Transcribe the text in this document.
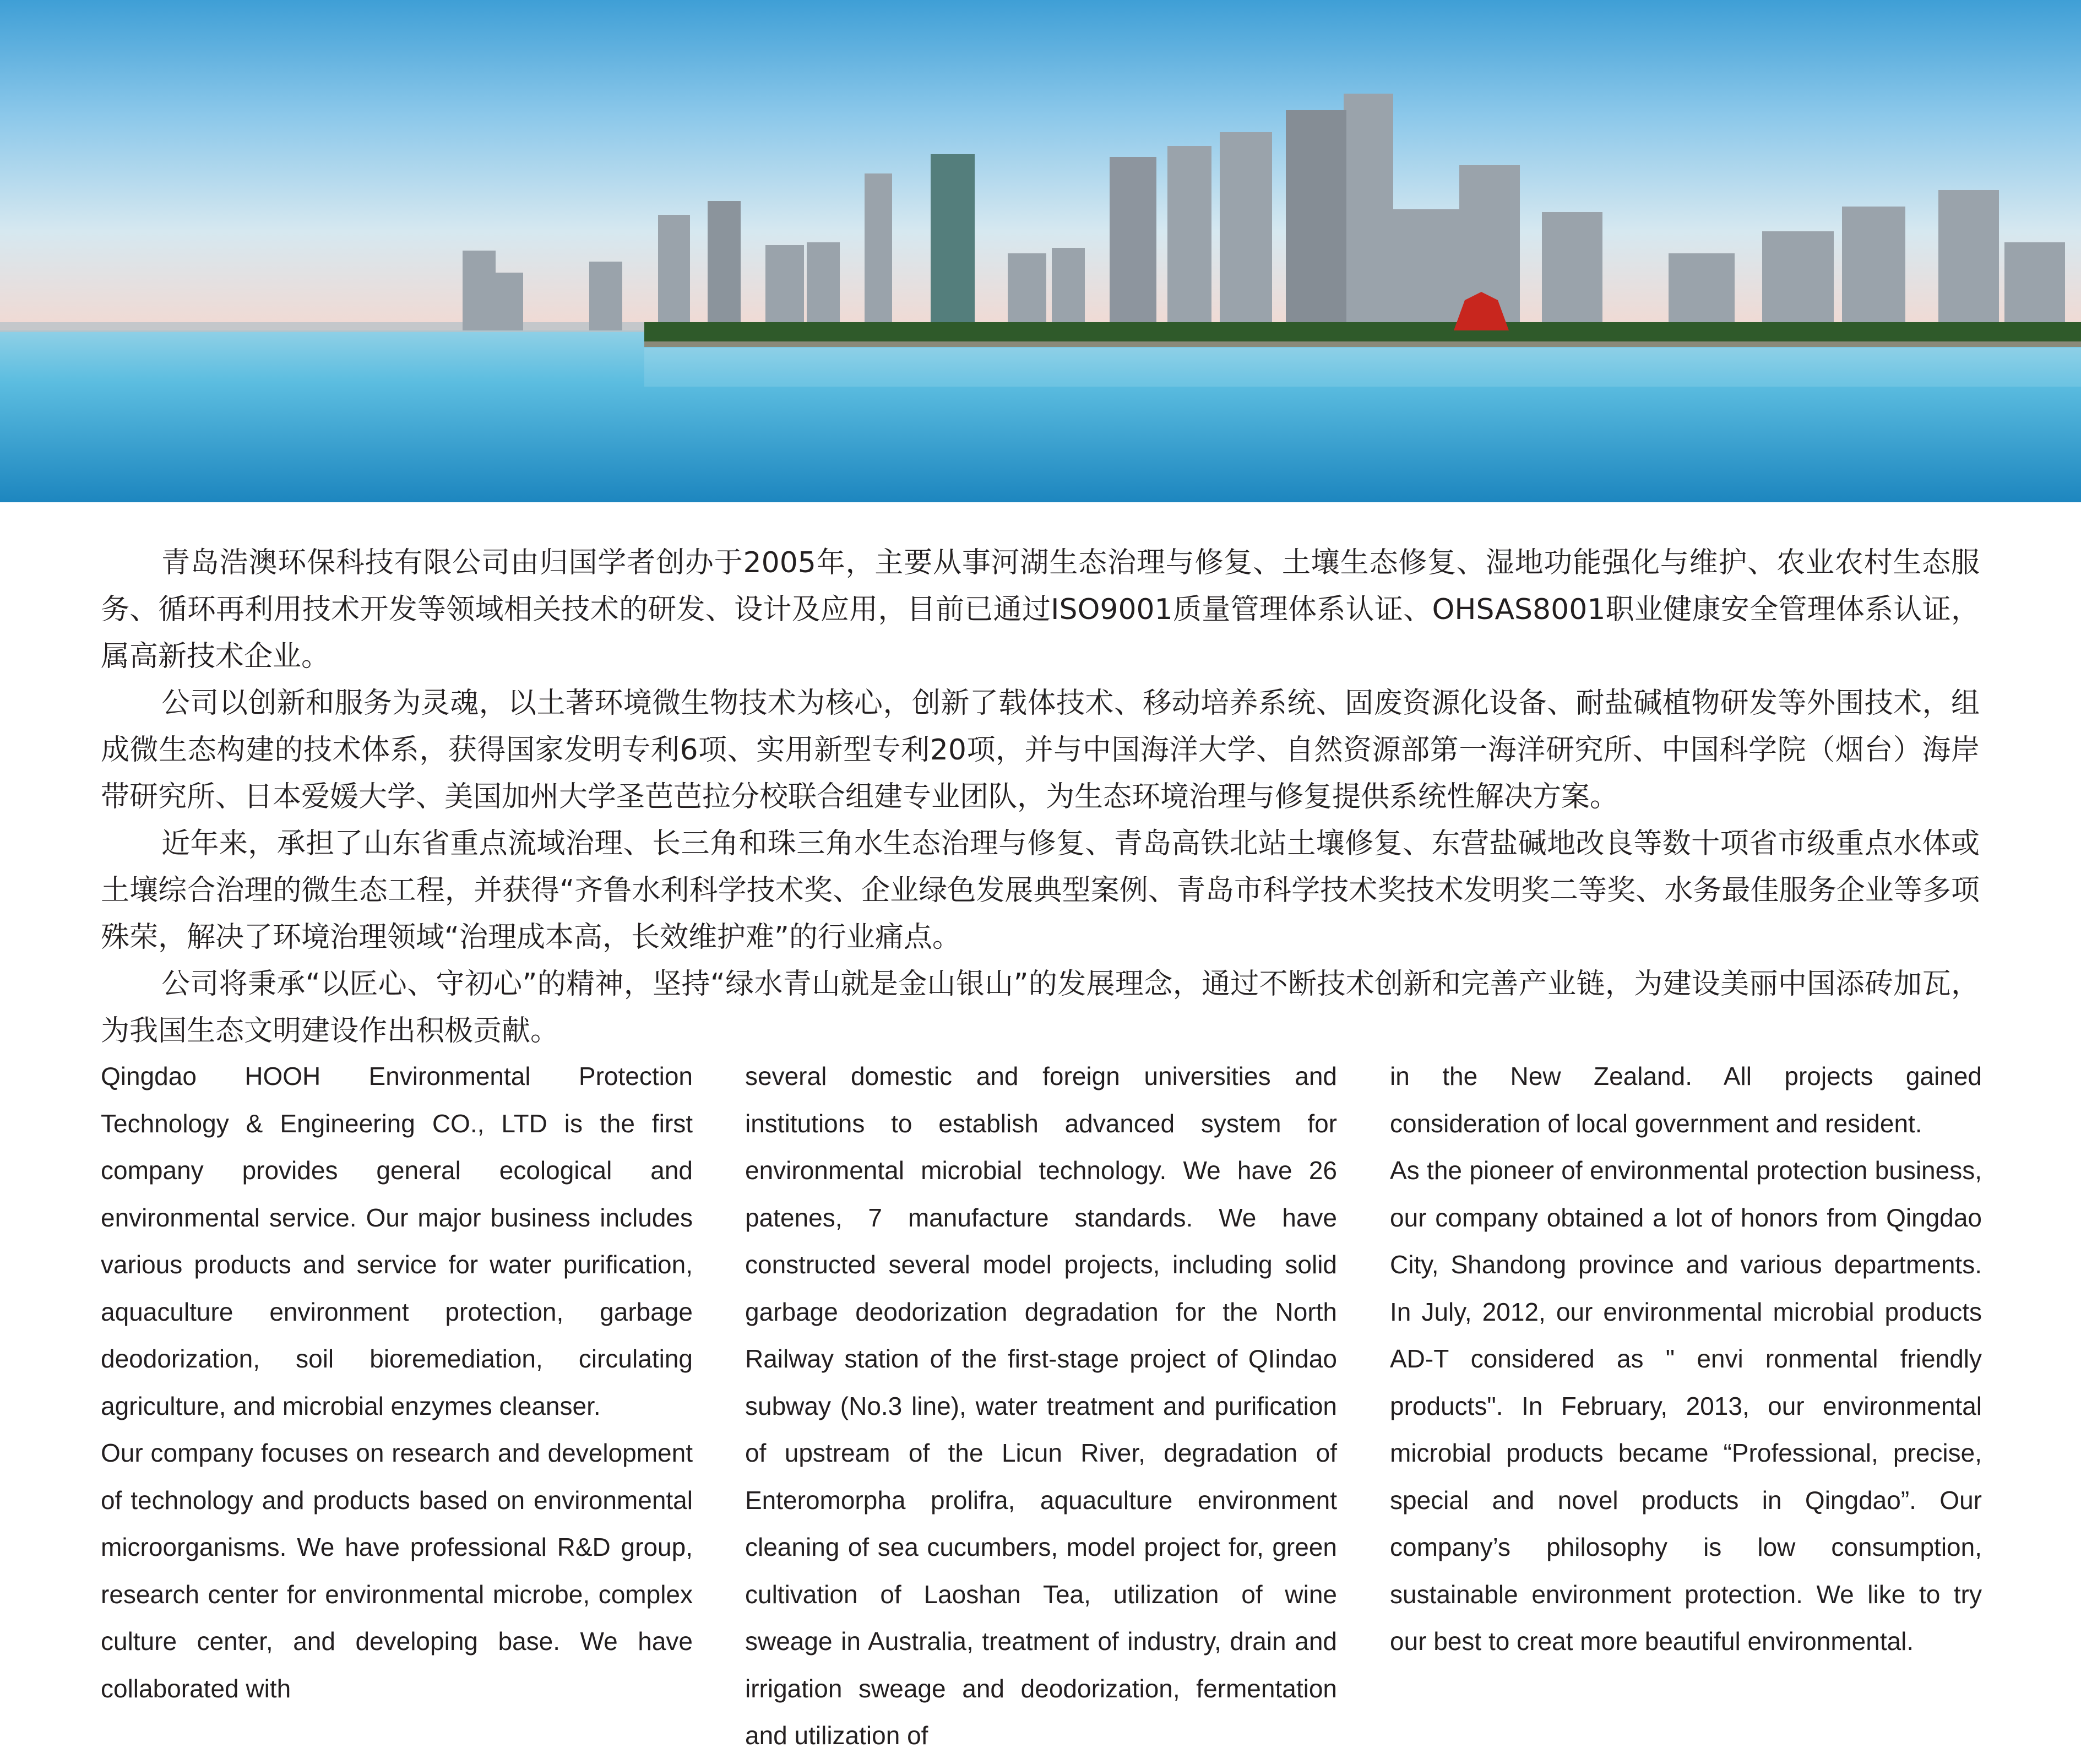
青岛浩澳环保科技有限公司由归国学者创办于2005年，主要从事河湖生态治理与修复、土壤生态修复、湿地功能强化与维护、农业农村生态服务、循环再利用技术开发等领域相关技术的研发、设计及应用，目前已通过ISO9001质量管理体系认证、OHSAS8001职业健康安全管理体系认证，属高新技术企业。

公司以创新和服务为灵魂，以土著环境微生物技术为核心，创新了载体技术、移动培养系统、固废资源化设备、耐盐碱植物研发等外围技术，组成微生态构建的技术体系，获得国家发明专利6项、实用新型专利20项，并与中国海洋大学、自然资源部第一海洋研究所、中国科学院（烟台）海岸带研究所、日本爱媛大学、美国加州大学圣芭芭拉分校联合组建专业团队，为生态环境治理与修复提供系统性解决方案。

近年来，承担了山东省重点流域治理、长三角和珠三角水生态治理与修复、青岛高铁北站土壤修复、东营盐碱地改良等数十项省市级重点水体或土壤综合治理的微生态工程，并获得“齐鲁水利科学技术奖、企业绿色发展典型案例、青岛市科学技术奖技术发明奖二等奖、水务最佳服务企业等多项殊荣，解决了环境治理领域“治理成本高，长效维护难”的行业痛点。

公司将秉承“以匠心、守初心”的精神，坚持“绿水青山就是金山银山”的发展理念，通过不断技术创新和完善产业链，为建设美丽中国添砖加瓦，为我国生态文明建设作出积极贡献。

Qingdao HOOH Environmental Protection Technology & Engineering CO., LTD is the first company provides general ecological and environmental service. Our major business includes various products and service for water purification, aquaculture environment protection, garbage deodorization, soil bioremediation, circulating agriculture, and microbial enzymes cleanser.

Our company focuses on research and development of technology and products based on environmental microorganisms. We have professional R&D group, research center for environmental microbe, complex culture center, and developing base. We have collaborated with

several domestic and foreign universities and institutions to establish advanced system for environmental microbial technology. We have 26 patenes, 7 manufacture standards. We have constructed several model projects, including solid garbage deodorization degradation for the North Railway station of the first-stage project of QIindao subway (No.3 line), water treatment and purification of upstream of the Licun River, degradation of Enteromorpha prolifra, aquaculture environment cleaning of sea cucumbers, model project for, green cultivation of Laoshan Tea, utilization of wine sweage in Australia, treatment of industry, drain and irrigation sweage and deodorization, fermentation and utilization of

in the New Zealand. All projects gained consideration of local government and resident.

As the pioneer of environmental protection business, our company obtained a lot of honors from Qingdao City, Shandong province and various departments. In July, 2012, our environmental microbial products AD-T considered as " envi ronmental friendly products". In February, 2013, our environmental microbial products became “Professional, precise, special and novel products in Qingdao”. Our company’s philosophy is low consumption, sustainable environment protection. We like to try our best to creat more beautiful environmental.
